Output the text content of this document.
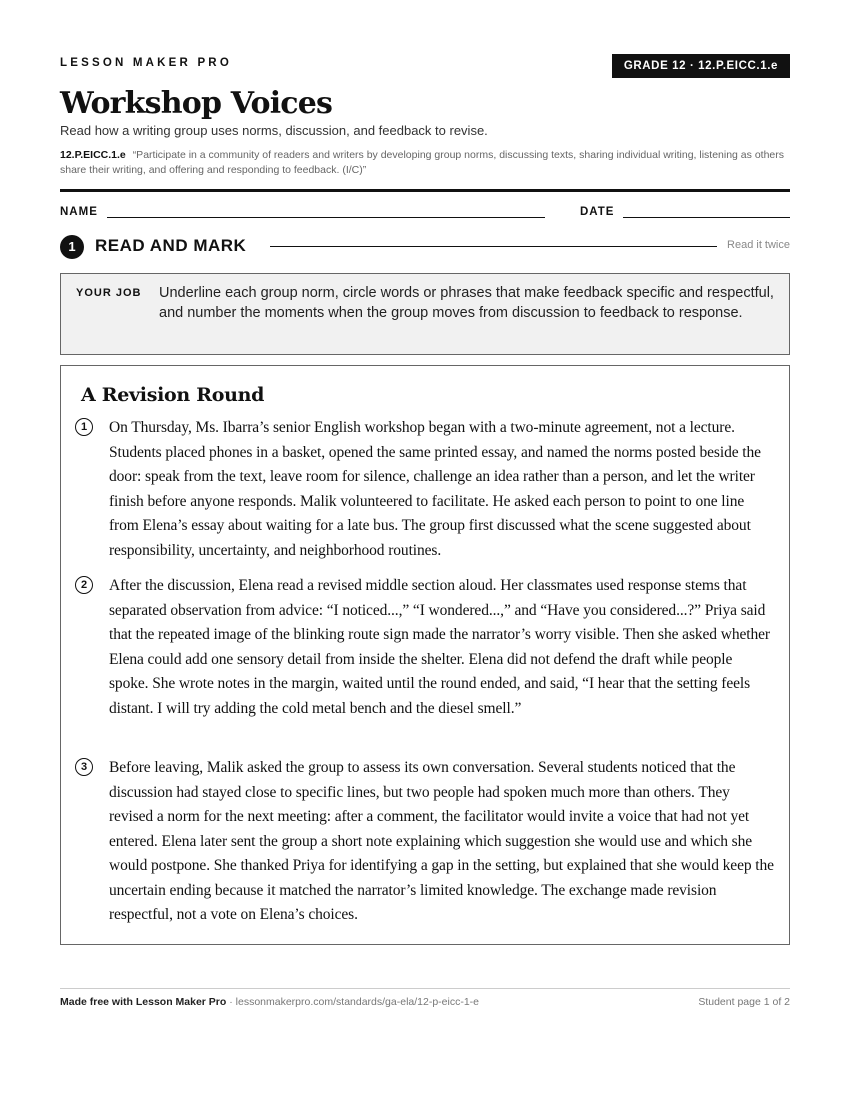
LESSON MAKER PRO	GRADE 12 · 12.P.EICC.1.e
Workshop Voices
Read how a writing group uses norms, discussion, and feedback to revise.
12.P.EICC.1.e “Participate in a community of readers and writers by developing group norms, discussing texts, sharing individual writing, listening as others share their writing, and offering and responding to feedback. (I/C)”
NAME	DATE
1	READ AND MARK	Read it twice
YOUR JOB Underline each group norm, circle words or phrases that make feedback specific and respectful, and number the moments when the group moves from discussion to feedback to response.
A Revision Round
1	On Thursday, Ms. Ibarra’s senior English workshop began with a two-minute agreement, not a lecture. Students placed phones in a basket, opened the same printed essay, and named the norms posted beside the door: speak from the text, leave room for silence, challenge an idea rather than a person, and let the writer finish before anyone responds. Malik volunteered to facilitate. He asked each person to point to one line from Elena’s essay about waiting for a late bus. The group first discussed what the scene suggested about responsibility, uncertainty, and neighborhood routines.

2	After the discussion, Elena read a revised middle section aloud. Her classmates used response stems that separated observation from advice: “I noticed...,” “I wondered...,” and “Have you considered...?” Priya said that the repeated image of the blinking route sign made the narrator’s worry visible. Then she asked whether Elena could add one sensory detail from inside the shelter. Elena did not defend the draft while people spoke. She wrote notes in the margin, waited until the round ended, and said, “I hear that the setting feels distant. I will try adding the cold metal bench and the diesel smell.”

3	Before leaving, Malik asked the group to assess its own conversation. Several students noticed that the discussion had stayed close to specific lines, but two people had spoken much more than others. They revised a norm for the next meeting: after a comment, the facilitator would invite a voice that had not yet entered. Elena later sent the group a short note explaining which suggestion she would use and which she would postpone. She thanked Priya for identifying a gap in the setting, but explained that she would keep the uncertain ending because it matched the narrator’s limited knowledge. The exchange made revision respectful, not a vote on Elena’s choices.

Made free with Lesson Maker Pro · lessonmakerpro.com/standards/ga-ela/12-p-eicc-1-e	Student page 1 of 2
